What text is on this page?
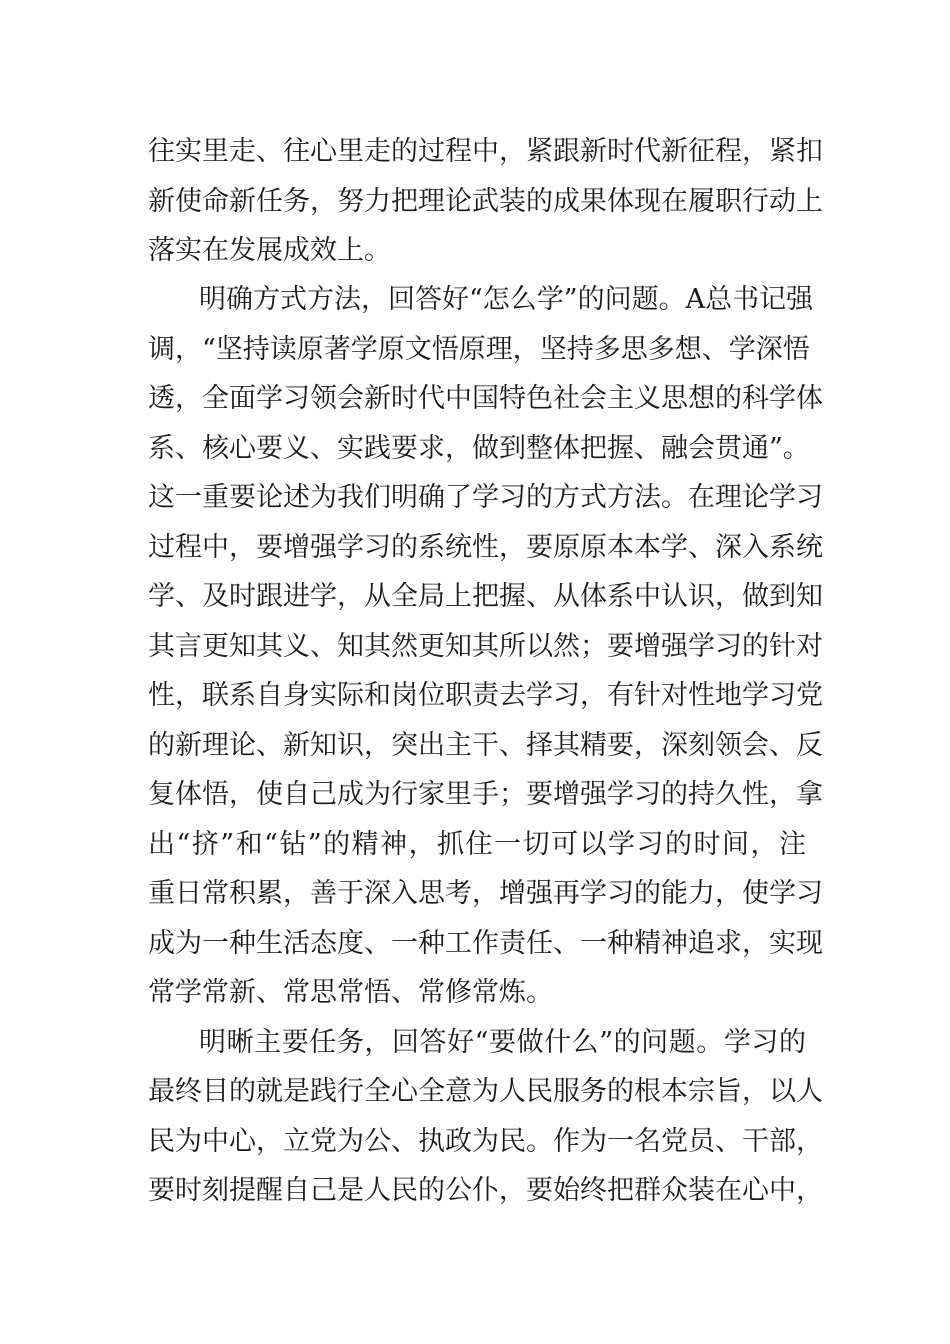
往实里走、往心里走的过程中，紧跟新时代新征程，紧扣
新使命新任务，努力把理论武装的成果体现在履职行动上
落实在发展成效上。
明确方式方法，回答好“怎么学”的问题。A总书记强
调，“坚持读原著学原文悟原理，坚持多思多想、学深悟
透，全面学习领会新时代中国特色社会主义思想的科学体
系、核心要义、实践要求，做到整体把握、融会贯通”。
这一重要论述为我们明确了学习的方式方法。在理论学习
过程中，要增强学习的系统性，要原原本本学、深入系统
学、及时跟进学，从全局上把握、从体系中认识，做到知
其言更知其义、知其然更知其所以然；要增强学习的针对
性，联系自身实际和岗位职责去学习，有针对性地学习党
的新理论、新知识，突出主干、择其精要，深刻领会、反
复体悟，使自己成为行家里手；要增强学习的持久性，拿
出“挤”和“钻”的精神，抓住一切可以学习的时间，注
重日常积累，善于深入思考，增强再学习的能力，使学习
成为一种生活态度、一种工作责任、一种精神追求，实现
常学常新、常思常悟、常修常炼。
明晰主要任务，回答好“要做什么”的问题。学习的
最终目的就是践行全心全意为人民服务的根本宗旨，以人
民为中心，立党为公、执政为民。作为一名党员、干部，
要时刻提醒自己是人民的公仆，要始终把群众装在心中，
